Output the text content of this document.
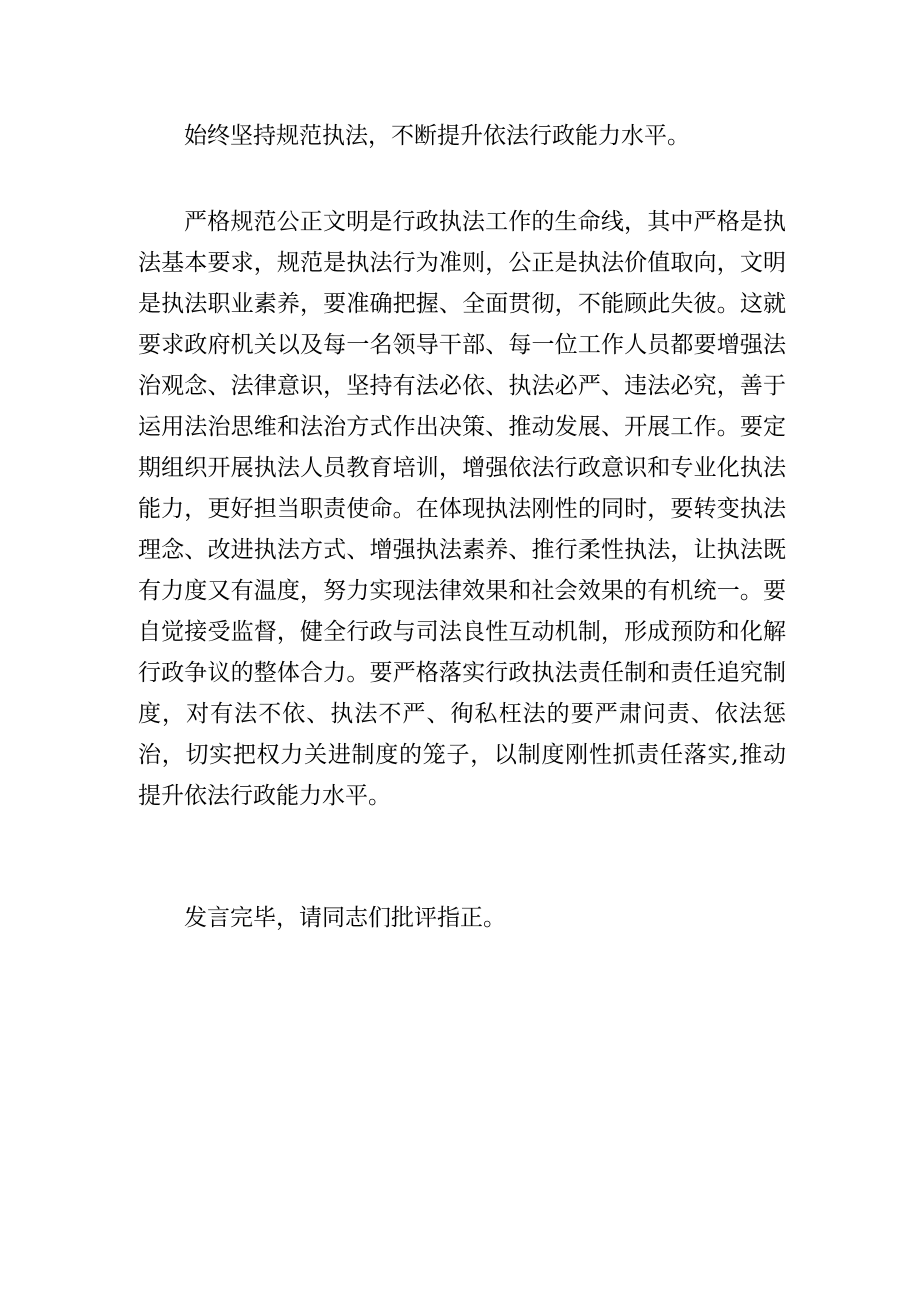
始终坚持规范执法，不断提升依法行政能力水平。

严格规范公正文明是行政执法工作的生命线，其中严格是执法基本要求，规范是执法行为准则，公正是执法价值取向，文明是执法职业素养，要准确把握、全面贯彻，不能顾此失彼。这就要求政府机关以及每一名领导干部、每一位工作人员都要增强法治观念、法律意识，坚持有法必依、执法必严、违法必究，善于运用法治思维和法治方式作出决策、推动发展、开展工作。要定期组织开展执法人员教育培训，增强依法行政意识和专业化执法能力，更好担当职责使命。在体现执法刚性的同时，要转变执法理念、改进执法方式、增强执法素养、推行柔性执法，让执法既有力度又有温度，努力实现法律效果和社会效果的有机统一。要自觉接受监督，健全行政与司法良性互动机制，形成预防和化解行政争议的整体合力。要严格落实行政执法责任制和责任追究制度，对有法不依、执法不严、徇私枉法的要严肃问责、依法惩治，切实把权力关进制度的笼子，以制度刚性抓责任落实,推动提升依法行政能力水平。

发言完毕，请同志们批评指正。
